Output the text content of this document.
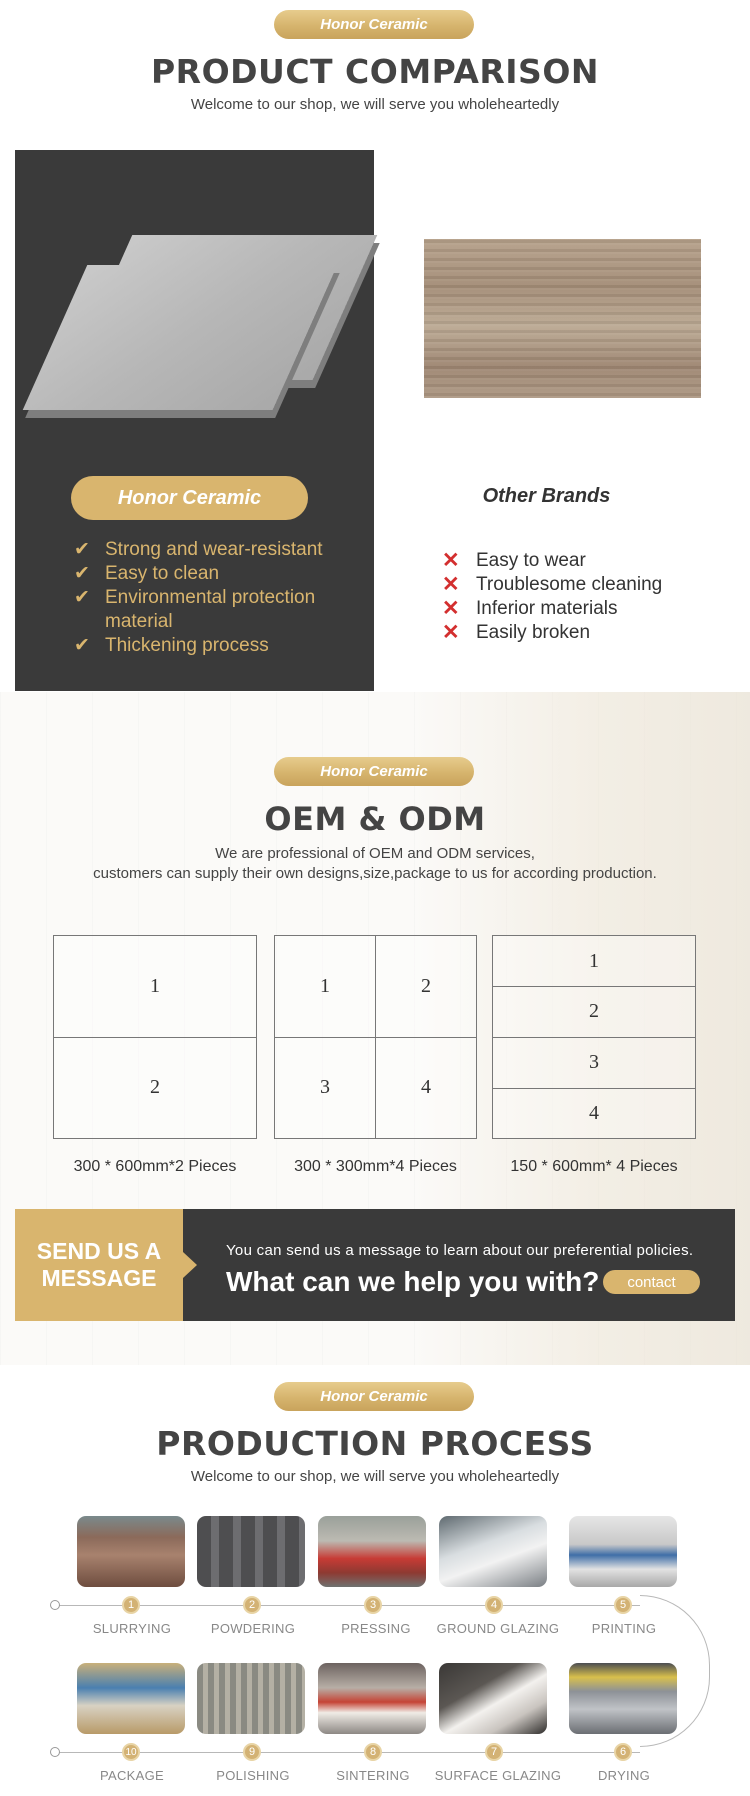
Honor Ceramic
PRODUCT COMPARISON
Welcome to our shop, we will serve you wholeheartedly
Honor Ceramic
✔ Strong and wear-resistant
✔ Easy to clean
✔ Environmental protection material
✔ Thickening process
Other Brands
✕ Easy to wear
✕ Troublesome cleaning
✕ Inferior materials
✕ Easily broken
Honor Ceramic
OEM & ODM
We are professional of OEM and ODM services,
customers can supply their own designs,size,package to us for according production.
1
2
300 * 600mm*2 Pieces
1	2
3	4
300 * 300mm*4 Pieces
1
2
3
4
150 * 600mm* 4 Pieces
SEND US A
MESSAGE
You can send us a message to learn about our preferential policies.
What can we help you with?	contact
Honor Ceramic
PRODUCTION PROCESS
Welcome to our shop, we will serve you wholeheartedly
1	2	3	4	5
SLURRYING	POWDERING	PRESSING	GROUND GLAZING	PRINTING
10	9	8	7	6
PACKAGE	POLISHING	SINTERING	SURFACE GLAZING	DRYING
